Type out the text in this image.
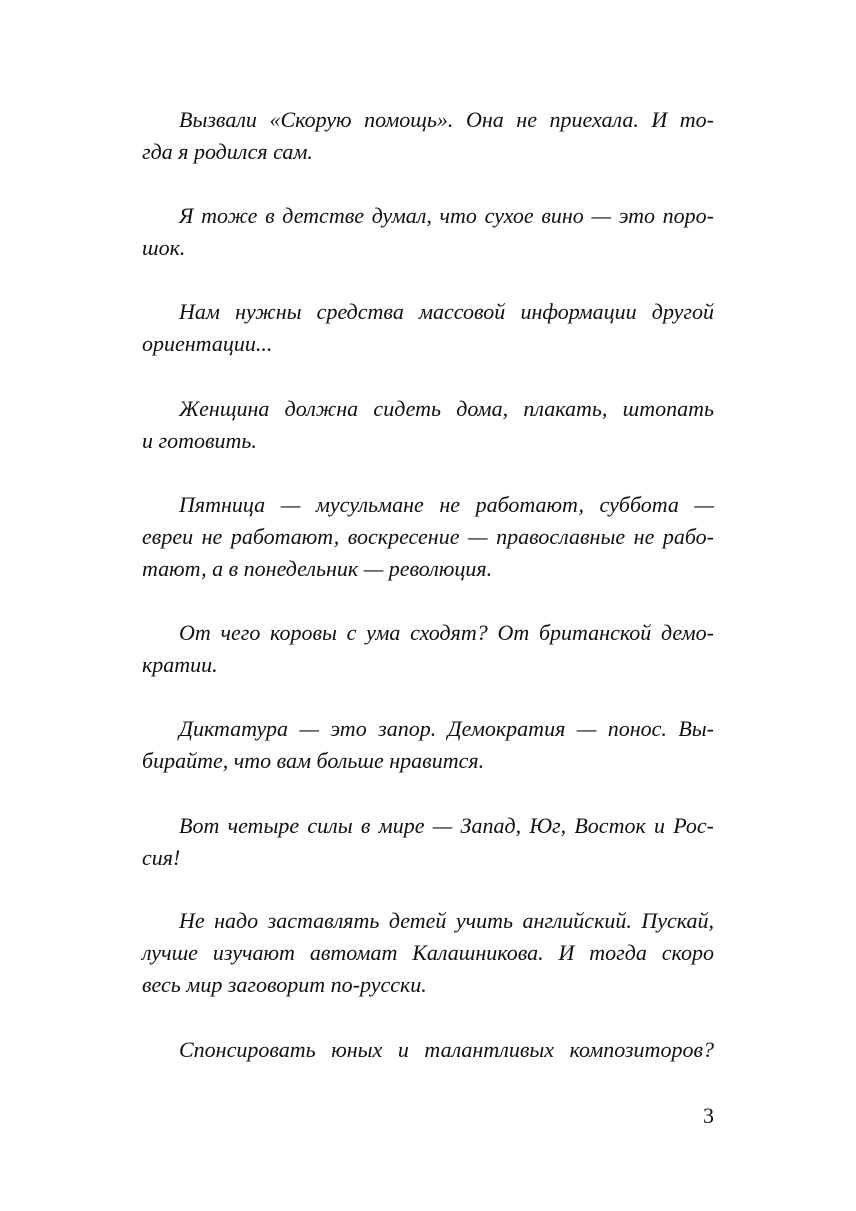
Вызвали «Скорую помощь». Она не приехала. И то-
гда я родился сам.
Я тоже в детстве думал, что сухое вино — это поро-
шок.
Нам нужны средства массовой информации другой
ориентации...
Женщина должна сидеть дома, плакать, штопать
и готовить.
Пятница — мусульмане не работают, суббота —
евреи не работают, воскресение — православные не рабо-
тают, а в понедельник — революция.
От чего коровы с ума сходят? От британской демо-
кратии.
Диктатура — это запор. Демократия — понос. Вы-
бирайте, что вам больше нравится.
Вот четыре силы в мире — Запад, Юг, Восток и Рос-
сия!
Не надо заставлять детей учить английский. Пускай,
лучше изучают автомат Калашникова. И тогда скоро
весь мир заговорит по-русски.
Спонсировать юных и талантливых композиторов?
3
